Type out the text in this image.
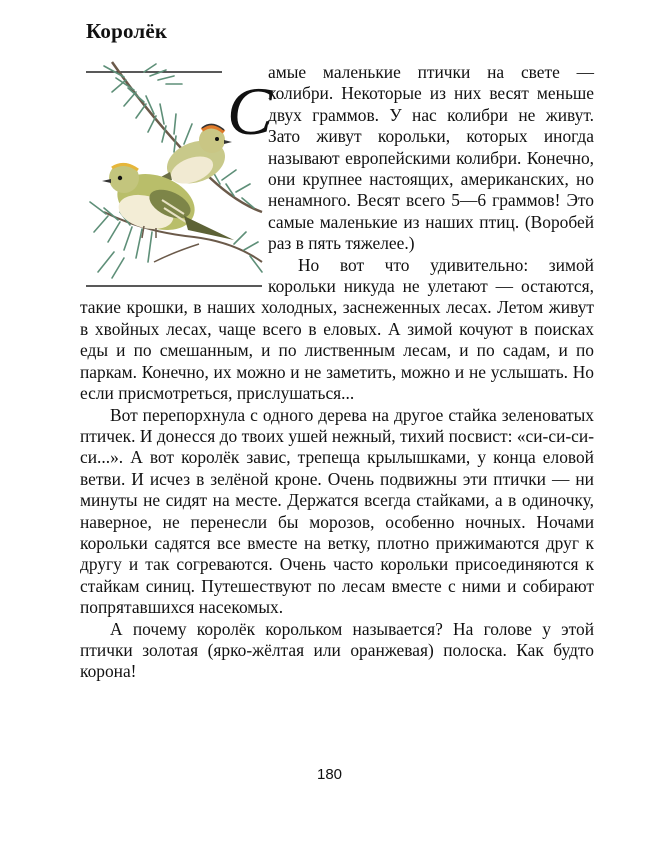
Королёк
С

амые маленькие птички на свете — колибри. Некоторые из них весят меньше двух граммов. У нас колибри не живут. Зато живут корольки, которых иногда называют европейскими колибри. Конечно, они крупнее настоящих, американских, но ненамного. Весят всего 5—6 граммов! Это самые маленькие из наших птиц. (Воробей раз в пять тяжелее.)

Но вот что удивительно: зимой корольки никуда не улетают — остаются, такие крошки, в наших холодных, заснеженных лесах. Летом живут в хвойных лесах, чаще всего в еловых. А зимой кочуют в поисках еды и по смешанным, и по лиственным лесам, и по садам, и по паркам. Конечно, их можно и не заметить, можно и не услышать. Но если присмотреться, прислушаться...

Вот перепорхнула с одного дерева на другое стайка зеленоватых птичек. И донесся до твоих ушей нежный, тихий посвист: «си-си-си-си...». А вот королёк завис, трепеща крылышками, у конца еловой ветви. И исчез в зелёной кроне. Очень подвижны эти птички — ни минуты не сидят на месте. Держатся всегда стайками, а в одиночку, наверное, не перенесли бы морозов, особенно ночных. Ночами корольки садятся все вместе на ветку, плотно прижимаются друг к другу и так согреваются. Очень часто корольки присоединяются к стайкам синиц. Путешествуют по лесам вместе с ними и собирают попрятавшихся насекомых.

А почему королёк корольком называется? На голове у этой птички золотая (ярко-жёлтая или оранжевая) полоска. Как будто корона!

180
